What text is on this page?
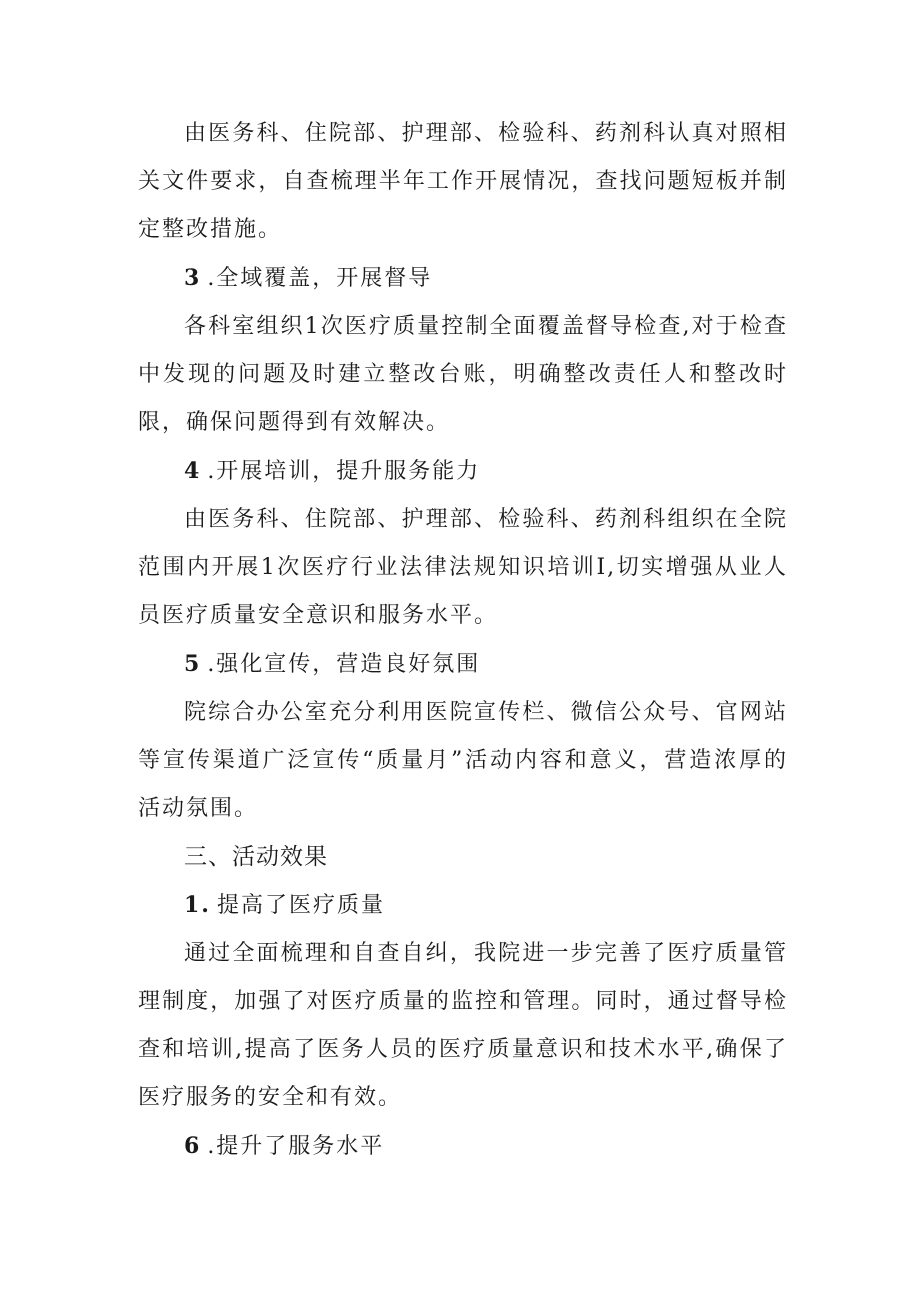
由医务科、住院部、护理部、检验科、药剂科认真对照相关文件要求，自查梳理半年工作开展情况，查找问题短板并制定整改措施。

3 .全域覆盖，开展督导

各科室组织1次医疗质量控制全面覆盖督导检查,对于检查中发现的问题及时建立整改台账，明确整改责任人和整改时限，确保问题得到有效解决。

4 .开展培训，提升服务能力

由医务科、住院部、护理部、检验科、药剂科组织在全院范围内开展1次医疗行业法律法规知识培训I,切实增强从业人员医疗质量安全意识和服务水平。

5 .强化宣传，营造良好氛围

院综合办公室充分利用医院宣传栏、微信公众号、官网站等宣传渠道广泛宣传“质量月”活动内容和意义，营造浓厚的活动氛围。

三、活动效果

1. 提高了医疗质量

通过全面梳理和自查自纠，我院进一步完善了医疗质量管理制度，加强了对医疗质量的监控和管理。同时，通过督导检查和培训,提高了医务人员的医疗质量意识和技术水平,确保了医疗服务的安全和有效。

6 .提升了服务水平
